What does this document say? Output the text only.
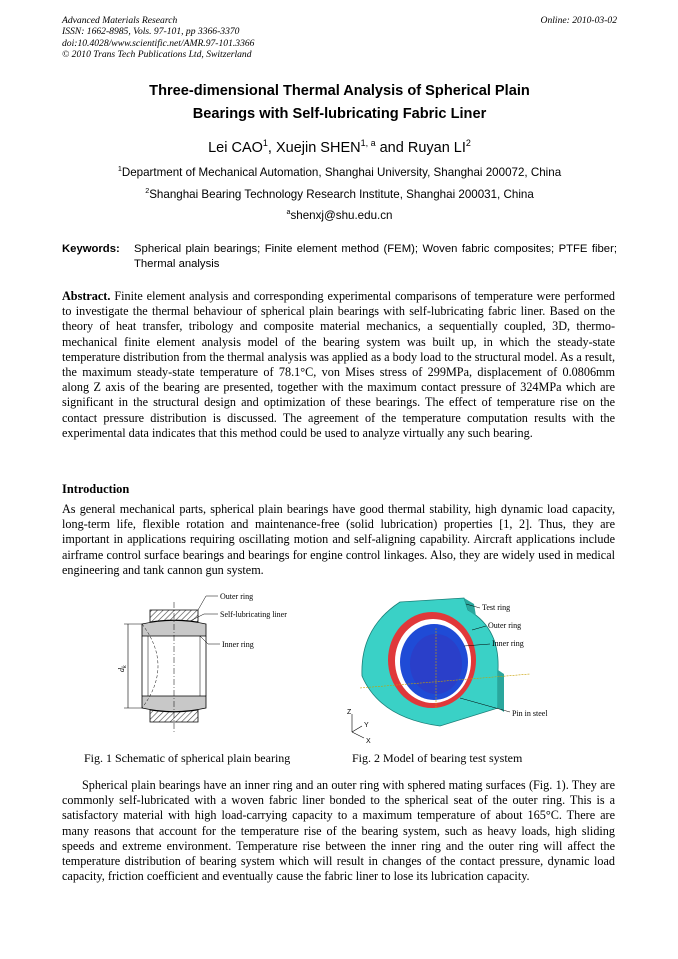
Advanced Materials Research
ISSN: 1662-8985, Vols. 97-101, pp 3366-3370
doi:10.4028/www.scientific.net/AMR.97-101.3366
© 2010 Trans Tech Publications Ltd, Switzerland
Online: 2010-03-02
Three-dimensional Thermal Analysis of Spherical Plain
Bearings with Self-lubricating Fabric Liner
Lei CAO$^1$, Xuejin SHEN$^{1, a}$ and Ruyan $LI^2$
$^1$Department of Mechanical Automation, Shanghai University, Shanghai 200072, China
$^2$Shanghai Bearing Technology Research Institute, Shanghai 200031, China
$^a$shenxj@shu.edu.cn
Keywords:	Spherical plain bearings; Finite element method (FEM); Woven fabric composites; PTFE fiber; Thermal analysis
Abstract. Finite element analysis and corresponding experimental comparisons of temperature were performed to investigate the thermal behaviour of spherical plain bearings with self-lubricating fabric liner. Based on the theory of heat transfer, tribology and composite material mechanics, a sequentially coupled, 3D, thermo-mechanical finite element analysis model of the bearing system was built up, in which the steady-state temperature distribution from the thermal analysis was applied as a body load to the structural model. As a result, the maximum steady-state temperature of 78.1°C, von Mises stress of 299MPa, displacement of 0.0806mm along Z axis of the bearing are presented, together with the maximum contact pressure of 324MPa which are significant in the structural design and optimization of these bearings. The effect of temperature rise on the contact pressure distribution is discussed. The agreement of the temperature computation results with the experimental data indicates that this method could be used to analyze virtually any such bearing.
Introduction
As general mechanical parts, spherical plain bearings have good thermal stability, high dynamic load capacity, long-term life, flexible rotation and maintenance-free (solid lubrication) properties [1, 2]. Thus, they are important in applications requiring oscillating motion and self-aligning capability. Aircraft applications include airframe control surface bearings and bearings for engine control linkages. Also, they are widely used in medical engineering and tank cannon gun system.
$d_k$
Outer ring
Self-lubricating liner
Inner ring
Fig. 1 Schematic of spherical plain bearing
Test ring
Outer ring
Inner ring
Pin in steel
Z
Y
X
Fig. 2 Model of bearing test system
Spherical plain bearings have an inner ring and an outer ring with sphered mating surfaces (Fig. 1). They are commonly self-lubricated with a woven fabric liner bonded to the spherical seat of the outer ring. This is a satisfactory material with high load-carrying capacity to a maximum temperature of about 165°C. There are many reasons that account for the temperature rise of the bearing system, such as heavy loads, high sliding speeds and extreme environment. Temperature rise between the inner ring and the outer ring will affect the temperature distribution of bearing system which will result in changes of the contact pressure, dynamic load capacity, friction coefficient and eventually cause the fabric liner to lose its lubrication capacity.
